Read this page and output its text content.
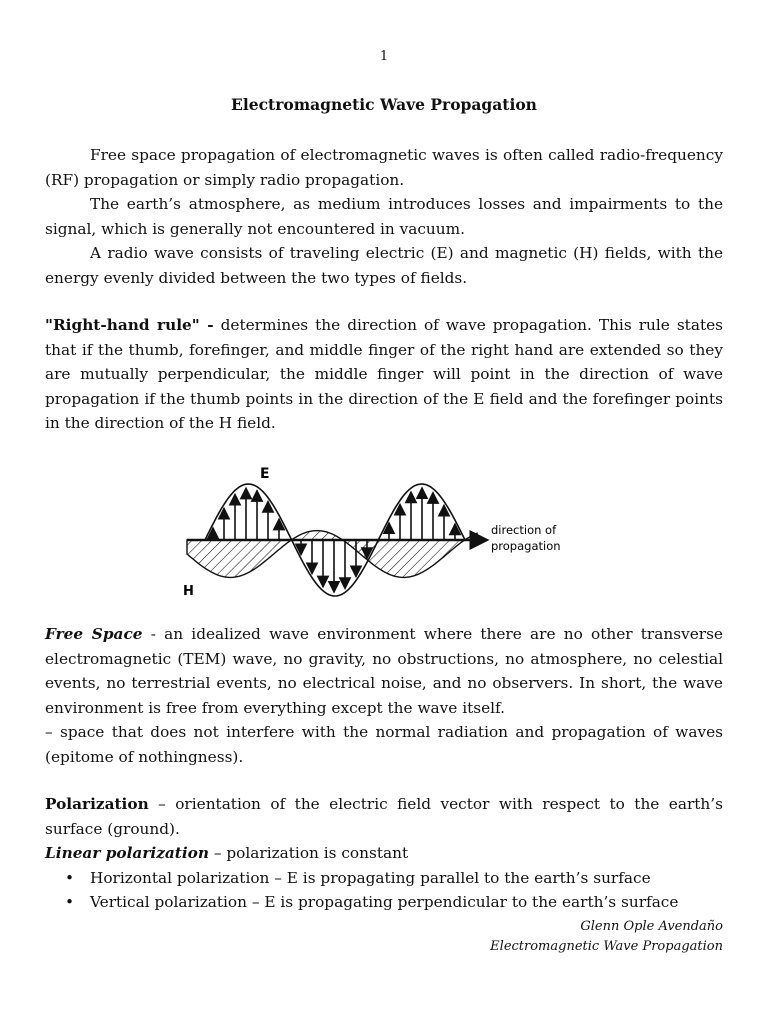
1
Electromagnetic Wave Propagation

Free space propagation of electromagnetic waves is often called radio-frequency (RF) propagation or simply radio propagation.

The earth’s atmosphere, as medium introduces losses and impairments to the signal, which is generally not encountered in vacuum.

A radio wave consists of traveling electric (E) and magnetic (H) fields, with the energy evenly divided between the two types of fields.

"Right-hand rule" - determines the direction of wave propagation. This rule states that if the thumb, forefinger, and middle finger of the right hand are extended so they are mutually perpendicular, the middle finger will point in the direction of wave propagation if the thumb points in the direction of the E field and the forefinger points in the direction of the H field.

E
H
direction of
propagation

Free Space - an idealized wave environment where there are no other transverse electromagnetic (TEM) wave, no gravity, no obstructions, no atmosphere, no celestial events, no terrestrial events, no electrical noise, and no observers. In short, the wave environment is free from everything except the wave itself.

– space that does not interfere with the normal radiation and propagation of waves (epitome of nothingness).

Polarization – orientation of the electric field vector with respect to the earth’s surface (ground).

Linear polarization – polarization is constant

• Horizontal polarization – E is propagating parallel to the earth’s surface
• Vertical polarization – E is propagating perpendicular to the earth’s surface
Glenn Ople Avendaño
Electromagnetic Wave Propagation
